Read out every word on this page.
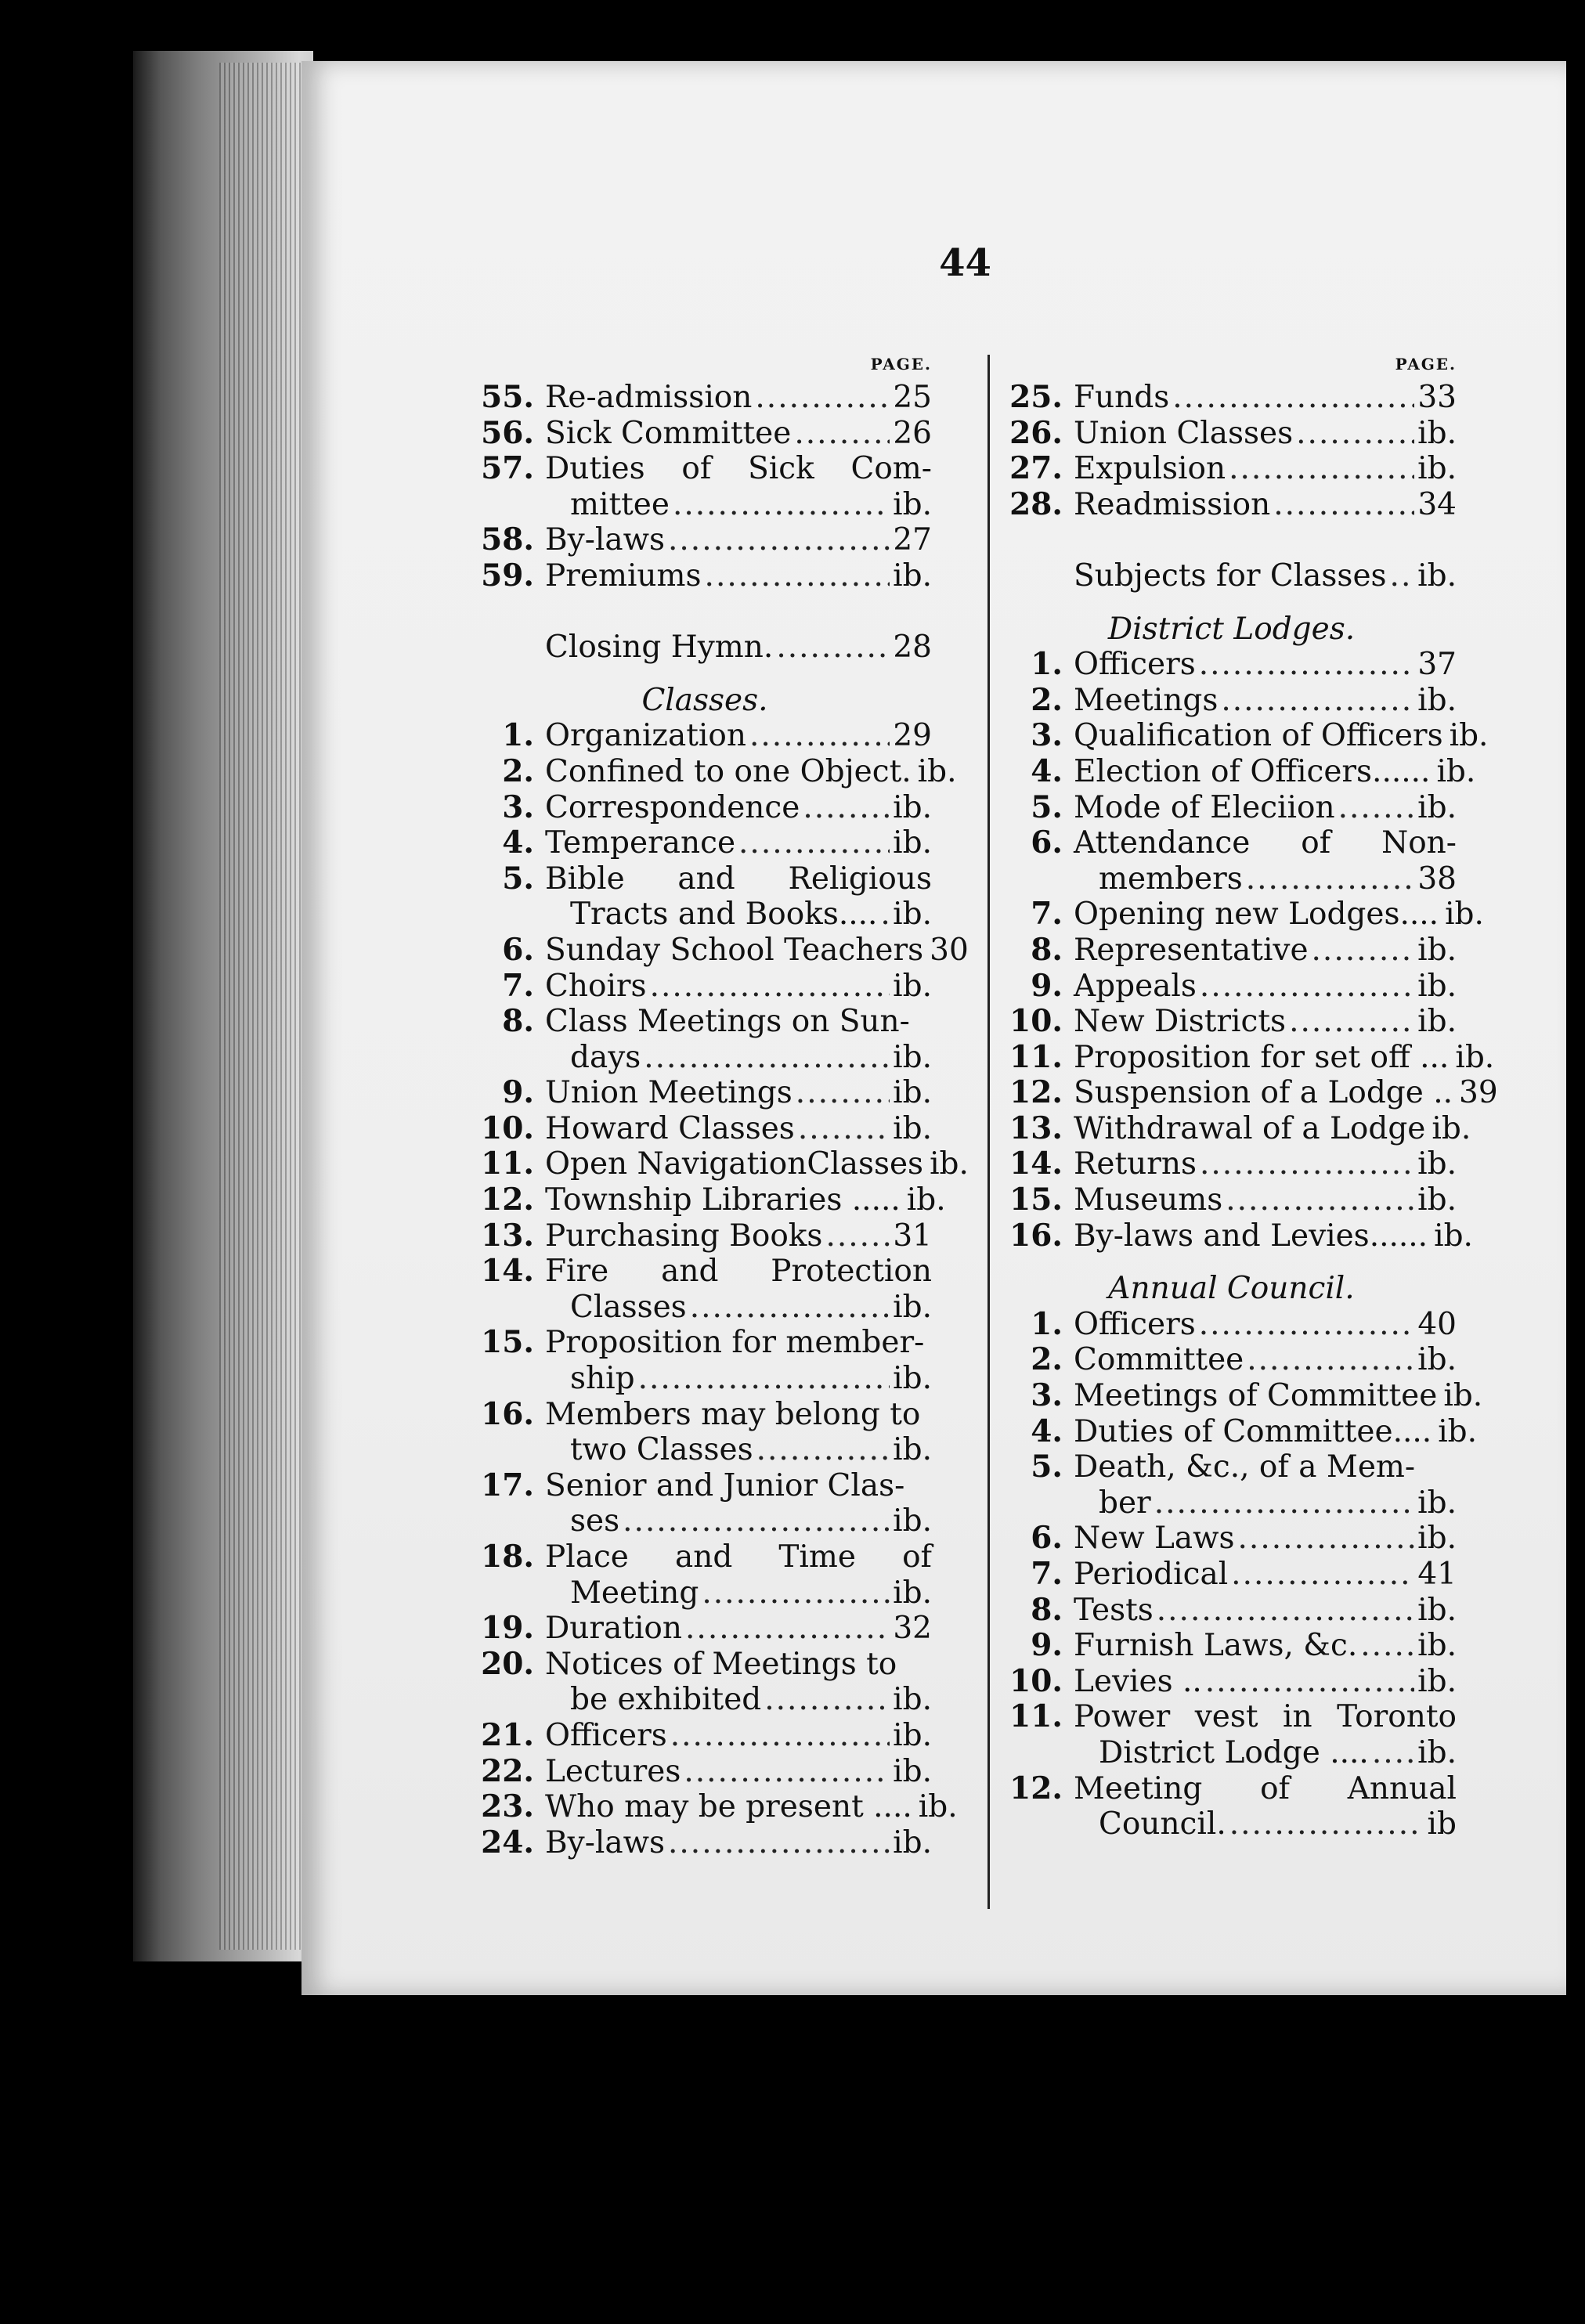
44
PAGE.
55. Re-admission .....	25
56. Sick Committee .....	26
57. Duties of Sick Com-
mittee .....	ib.
58. By-laws .....	27
59. Premiums .....	ib.
Closing Hymn. .....	28
Classes.
1. Organization .....	29
2. Confined to one Object. ib.
3. Correspondence .....	ib.
4. Temperance .....	ib.
5. Bible and Religious
Tracts and Books.... ..... ib.
6. Sunday School Teachers 30
7. Choirs .....	ib.
8. Class Meetings on Sun-
days .....	ib.
9. Union Meetings .....	ib.
10. Howard Classes .....	ib.
11. Open NavigationClasses ib.
12. Township Libraries ..... ib.
13. Purchasing Books ..... 31
14. Fire and Protection
Classes .....	ib.
15. Proposition for member-
ship .....	ib.
16. Members may belong to
two Classes .....	ib.
17. Senior and Junior Clas-
ses .....	ib.
18. Place and Time of
Meeting .....	ib.
19. Duration .....	32
20. Notices of Meetings to
be exhibited .....	ib.
21. Officers .....	ib.
22. Lectures .....	ib.
23. Who may be present .... ib.
24. By-laws .....	ib.
PAGE.
25. Funds .....	33
26. Union Classes .....	ib.
27. Expulsion .....	ib.
28. Readmission .....	34
Subjects for Classes ..... ib.
District Lodges.
1. Officers .....	37
2. Meetings .....	ib.
3. Qualification of Officers ib.
4. Election of Officers...... ib.
5. Mode of Eleciion .....	ib.
6. Attendance of Non-
members .....	38
7. Opening new Lodges.... ib.
8. Representative .....	ib.
9. Appeals .....	ib.
10. New Districts .....	ib.
11. Proposition for set off ... ib.
12. Suspension of a Lodge .. 39
13. Withdrawal of a Lodge ib.
14. Returns .....	ib.
15. Museums .....	ib.
16. By-laws and Levies...... ib.
Annual Council.
1. Officers .....	40
2. Committee .....	ib.
3. Meetings of Committee ib.
4. Duties of Committee.... ib.
5. Death, &c., of a Mem-
ber .....	ib.
6. New Laws .....	ib.
7. Periodical .....	41
8. Tests .....	ib.
9. Furnish Laws, &c. ..... ib.
10. Levies .. .....	ib.
11. Power vest in Toronto
District Lodge .... ..... ib.
12. Meeting of Annual
Council. .....	ib
